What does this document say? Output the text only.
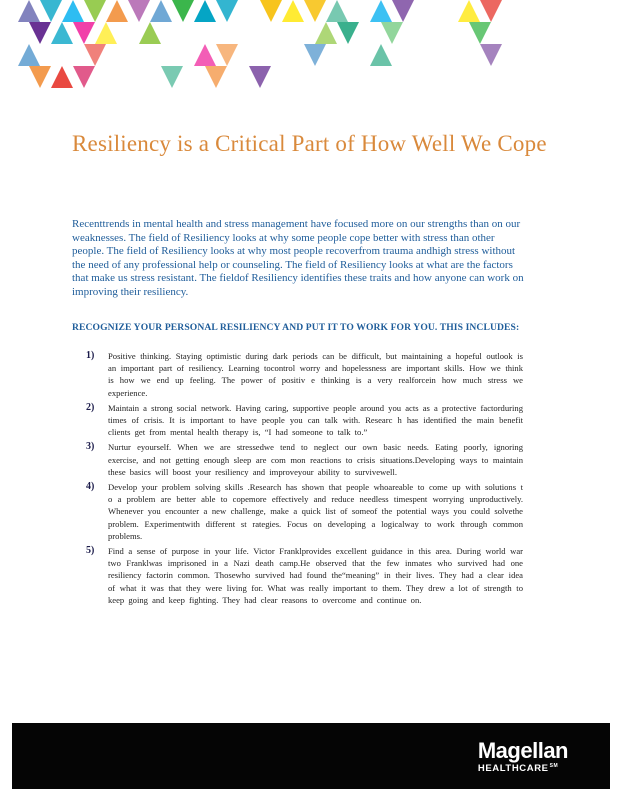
Resiliency is a Critical Part of How Well We Cope

Recenttrends in mental health and stress management have focused more on our strengths than on our weaknesses. The field of Resiliency looks at why some people cope better with stress than other people. The field of Resiliency looks at why most people recoverfrom trauma andhigh stress without the need of any professional help or counseling. The field of Resiliency looks at what are the factors that make us stress resistant. The fieldof Resiliency identifies these traits and how anyone can work on improving their resiliency.

RECOGNIZE YOUR PERSONAL RESILIENCY AND PUT IT TO WORK FOR YOU. THIS INCLUDES:
1) Positive thinking. Staying optimistic during dark periods can be difficult, but maintaining a hopeful outlook is an important part of resiliency. Learning tocontrol worry and hopelessness are important skills. How we think is how we end up feeling. The power of positiv e thinking is a very realforcein how much stress we experience.
2) Maintain a strong social network. Having caring, supportive people around you acts as a protective factorduring times of crisis. It is important to have people you can talk with. Researc h has identified the main benefit clients get from mental health therapy is, “I had someone to talk to.”
3) Nurtur eyourself. When we are stressedwe tend to neglect our own basic needs. Eating poorly, ignoring exercise, and not getting enough sleep are com mon reactions to crisis situations.Developing ways to maintain these basics will boost your resiliency and improveyour ability to survivewell.
4) Develop your problem solving skills .Research has shown that people whoareable to come up with solutions t o a problem are better able to copemore effectively and reduce needless timespent worrying unproductively. Whenever you encounter a new challenge, make a quick list of someof the potential ways you could solvethe problem. Experimentwith different st rategies. Focus on developing a logicalway to work through common problems.
5) Find a sense of purpose in your life. Victor Franklprovides excellent guidance in this area. During world war two Franklwas imprisoned in a Nazi death camp.He observed that the few inmates who survived had one resiliency factorin common. Thosewho survived had found the“meaning” in their lives. They had a clear idea of what it was that they were living for. What was really important to them. They drew a lot of strength to keep going and keep fighting. They had clear reasons to overcome and continue on.
Magellan
HEALTHCARE℠
